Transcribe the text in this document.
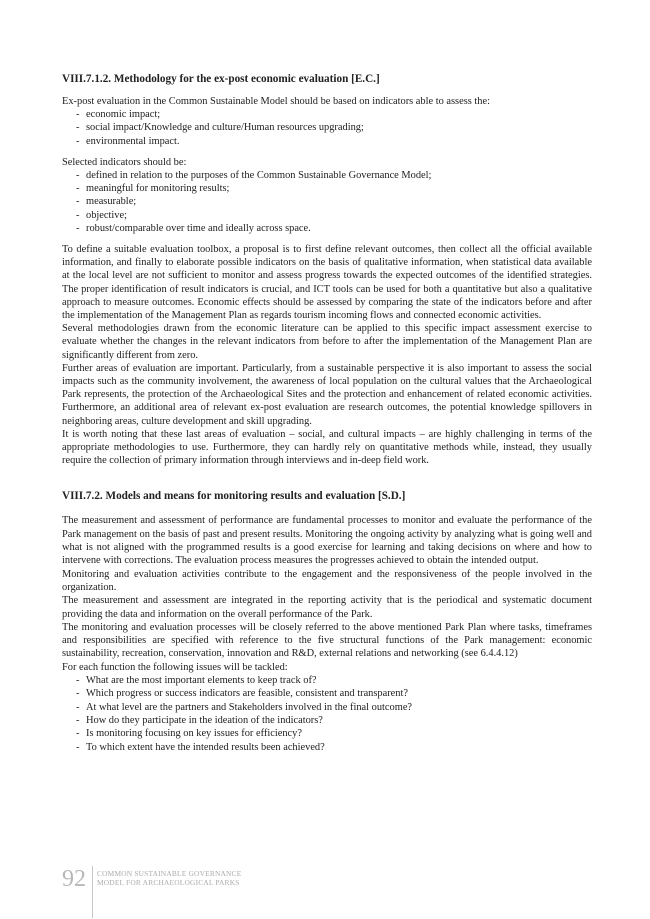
VIII.7.1.2. Methodology for the ex-post economic evaluation [E.C.]

Ex-post evaluation in the Common Sustainable Model should be based on indicators able to assess the:

- economic impact;
- social impact/Knowledge and culture/Human resources upgrading;
- environmental impact.

Selected indicators should be:

- defined in relation to the purposes of the Common Sustainable Governance Model;
- meaningful for monitoring results;
- measurable;
- objective;
- robust/comparable over time and ideally across space.

To define a suitable evaluation toolbox, a proposal is to first define relevant outcomes, then collect all the official available information, and finally to elaborate possible indicators on the basis of qualitative information, when statistical data available at the local level are not sufficient to monitor and assess progress towards the expected outcomes of the identified strategies. The proper identification of result indicators is crucial, and ICT tools can be used for both a quantitative but also a qualitative approach to measure outcomes. Economic effects should be assessed by comparing the state of the indicators before and after the implementation of the Management Plan as regards tourism incoming flows and connected economic activities.

Several methodologies drawn from the economic literature can be applied to this specific impact assessment exercise to evaluate whether the changes in the relevant indicators from before to after the implementation of the Management Plan are significantly different from zero.

Further areas of evaluation are important. Particularly, from a sustainable perspective it is also important to assess the social impacts such as the community involvement, the awareness of local population on the cultural values that the Archaeological Park represents, the protection of the Archaeological Sites and the protection and enhancement of related economic activities. Furthermore, an additional area of relevant ex-post evaluation are research outcomes, the potential knowledge spillovers in neighboring areas, culture development and skill upgrading.

It is worth noting that these last areas of evaluation – social, and cultural impacts – are highly challenging in terms of the appropriate methodologies to use. Furthermore, they can hardly rely on quantitative methods while, instead, they usually require the collection of primary information through interviews and in-deep field work.

VIII.7.2. Models and means for monitoring results and evaluation [S.D.]

The measurement and assessment of performance are fundamental processes to monitor and evaluate the performance of the Park management on the basis of past and present results. Monitoring the ongoing activity by analyzing what is going well and what is not aligned with the programmed results is a good exercise for learning and taking decisions on where and how to intervene with corrections. The evaluation process measures the progresses achieved to obtain the intended output.

Monitoring and evaluation activities contribute to the engagement and the responsiveness of the people involved in the organization.

The measurement and assessment are integrated in the reporting activity that is the periodical and systematic document providing the data and information on the overall performance of the Park.

The monitoring and evaluation processes will be closely referred to the above mentioned Park Plan where tasks, timeframes and responsibilities are specified with reference to the five structural functions of the Park management: economic sustainability, recreation, conservation, innovation and R&D, external relations and networking (see 6.4.4.12)

For each function the following issues will be tackled:

- What are the most important elements to keep track of?
- Which progress or success indicators are feasible, consistent and transparent?
- At what level are the partners and Stakeholders involved in the final outcome?
- How do they participate in the ideation of the indicators?
- Is monitoring focusing on key issues for efficiency?
- To which extent have the intended results been achieved?
92 COMMON SUSTAINABLE GOVERNANCE
MODEL FOR ARCHAEOLOGICAL PARKS
